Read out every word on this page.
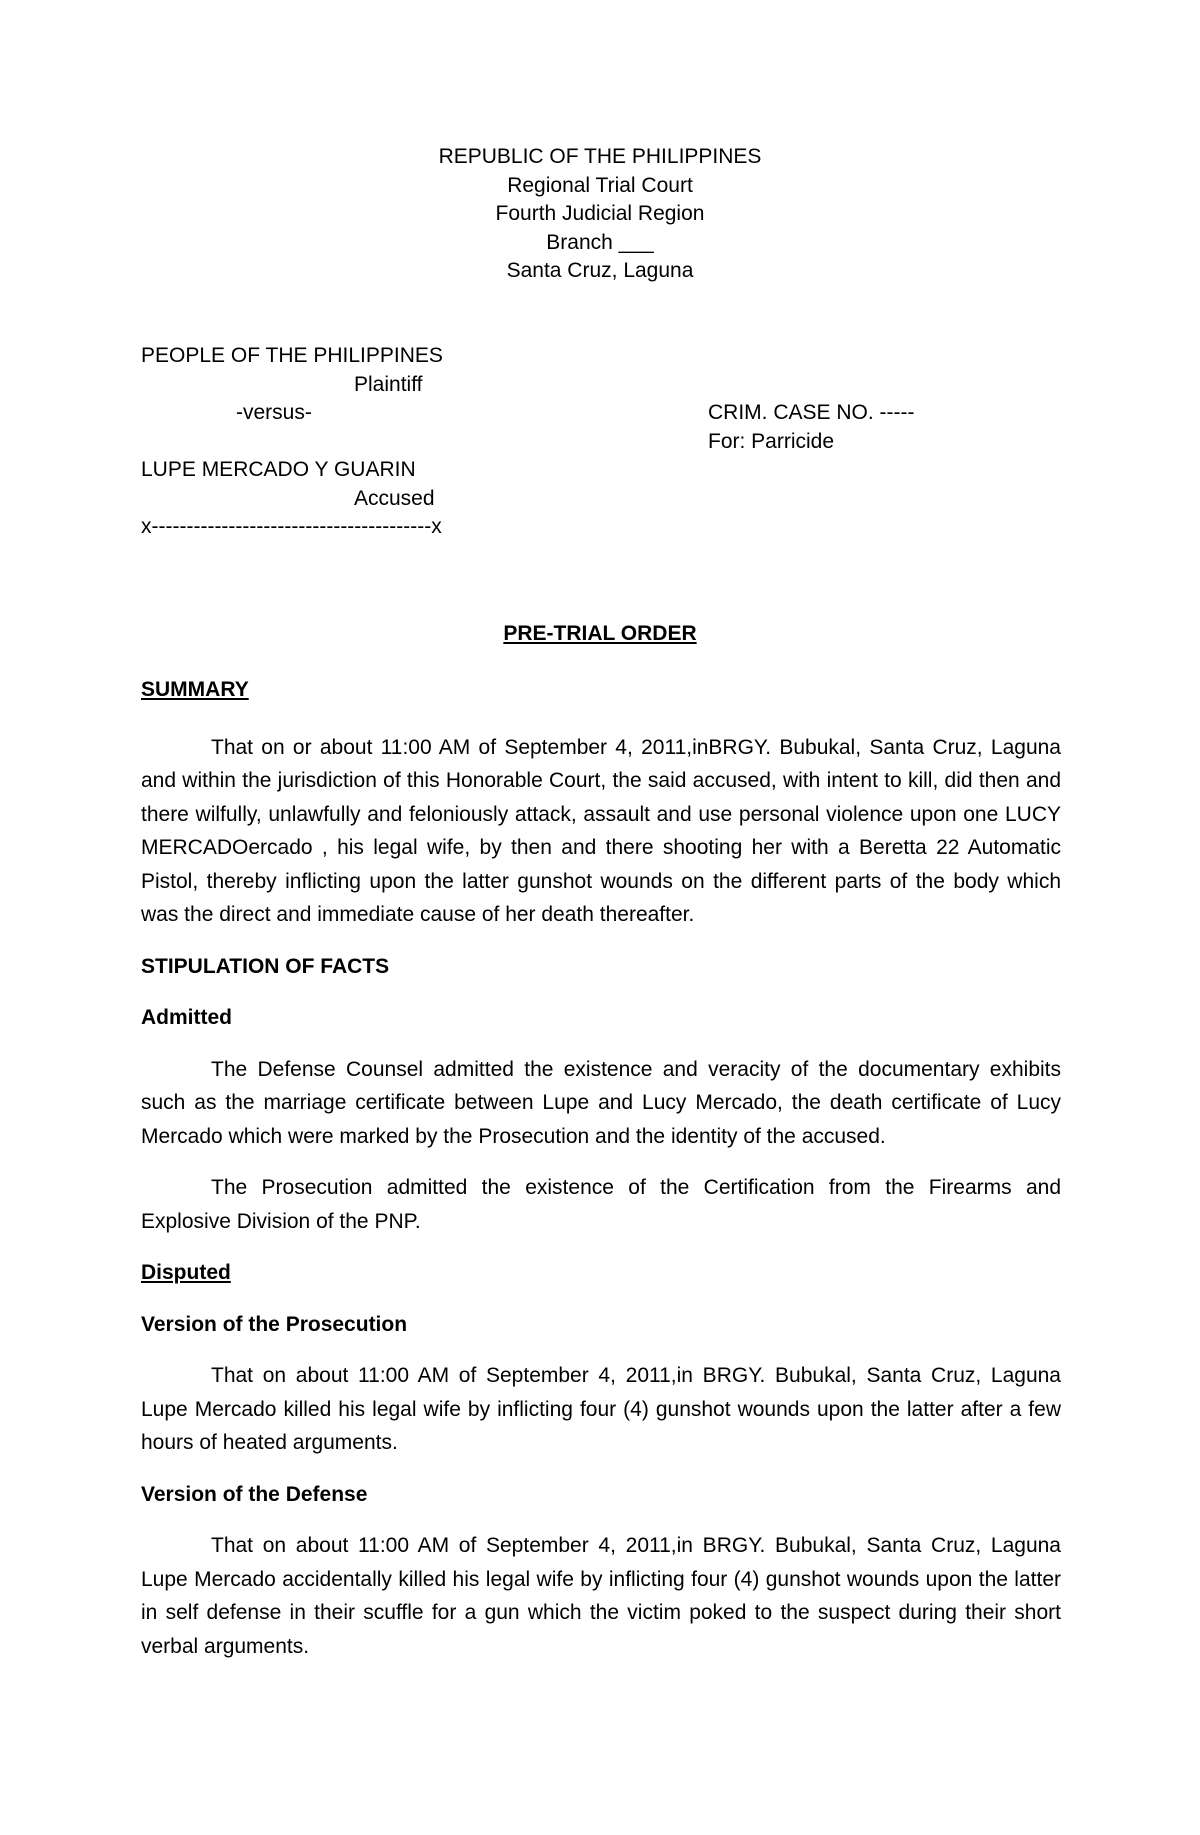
REPUBLIC OF THE PHILIPPINES
Regional Trial Court
Fourth Judicial Region
Branch ___
Santa Cruz, Laguna
PEOPLE OF THE PHILIPPINES
Plaintiff
-versus-

LUPE MERCADO Y GUARIN
Accused
x----------------------------------------x
CRIM. CASE NO. -----
For: Parricide
PRE-TRIAL ORDER

SUMMARY

That on or about 11:00 AM of September 4, 2011,inBRGY. Bubukal, Santa Cruz, Laguna and within the jurisdiction of this Honorable Court, the said accused, with intent to kill, did then and there wilfully, unlawfully and feloniously attack, assault and use personal violence upon one LUCY MERCADOercado , his legal wife, by then and there shooting her with a Beretta 22 Automatic Pistol, thereby inflicting upon the latter gunshot wounds on the different parts of the body which was the direct and immediate cause of her death thereafter.

STIPULATION OF FACTS

Admitted

The Defense Counsel admitted the existence and veracity of the documentary exhibits such as the marriage certificate between Lupe and Lucy Mercado, the death certificate of Lucy Mercado which were marked by the Prosecution and the identity of the accused.

The Prosecution admitted the existence of the Certification from the Firearms and Explosive Division of the PNP.

Disputed

Version of the Prosecution

That on about 11:00 AM of September 4, 2011,in BRGY. Bubukal, Santa Cruz, Laguna Lupe Mercado killed his legal wife by inflicting four (4) gunshot wounds upon the latter after a few hours of heated arguments.

Version of the Defense

That on about 11:00 AM of September 4, 2011,in BRGY. Bubukal, Santa Cruz, Laguna Lupe Mercado accidentally killed his legal wife by inflicting four (4) gunshot wounds upon the latter in self defense in their scuffle for a gun which the victim poked to the suspect during their short verbal arguments.
